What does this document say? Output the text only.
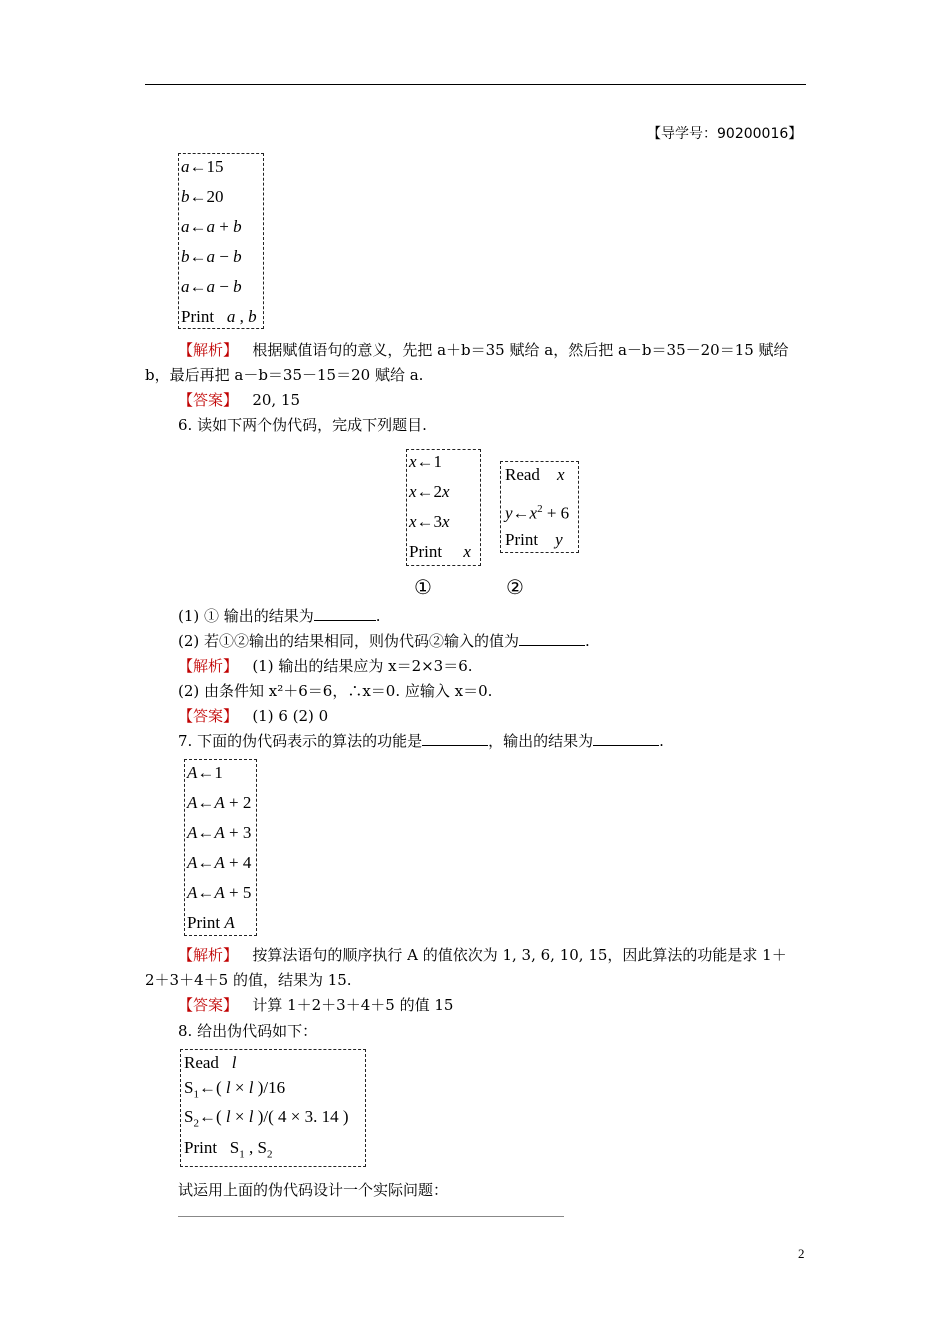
【导学号：90200016】
a←15
b←20
a←a + b
b←a − b
a←a − b
Print   a , b
【解析】 根据赋值语句的意义，先把 a＋b＝35 赋给 a，然后把 a－b＝35－20＝15 赋给
b，最后再把 a－b＝35－15＝20 赋给 a.
【答案】 20, 15
6. 读如下两个伪代码，完成下列题目.
x←1
x←2x
x←3x
Print     x
Read    x
$y\leftarrow x^2 + 6$
Print    y
①	②
(1) ① 输出的结果为	.
(2) 若①②输出的结果相同，则伪代码②输入的值为	.
【解析】 (1) 输出的结果应为 x＝2×3＝6.
(2) 由条件知 x²＋6＝6，∴x＝0. 应输入 x＝0.
【答案】 (1) 6 (2) 0
7. 下面的伪代码表示的算法的功能是	，输出的结果为	.
A←1
A←A + 2
A←A + 3
A←A + 4
A←A + 5
Print A
【解析】 按算法语句的顺序执行 A 的值依次为 1, 3, 6, 10, 15，因此算法的功能是求 1＋
2＋3＋4＋5 的值，结果为 15.
【答案】 计算 1＋2＋3＋4＋5 的值 15
8. 给出伪代码如下：
Read   l
$S_1\leftarrow$( l × l )/16
$S_2\leftarrow$( l × l )/( 4 × 3. 14 )
Print   $S_1$ , $S_2$
试运用上面的伪代码设计一个实际问题：
2
